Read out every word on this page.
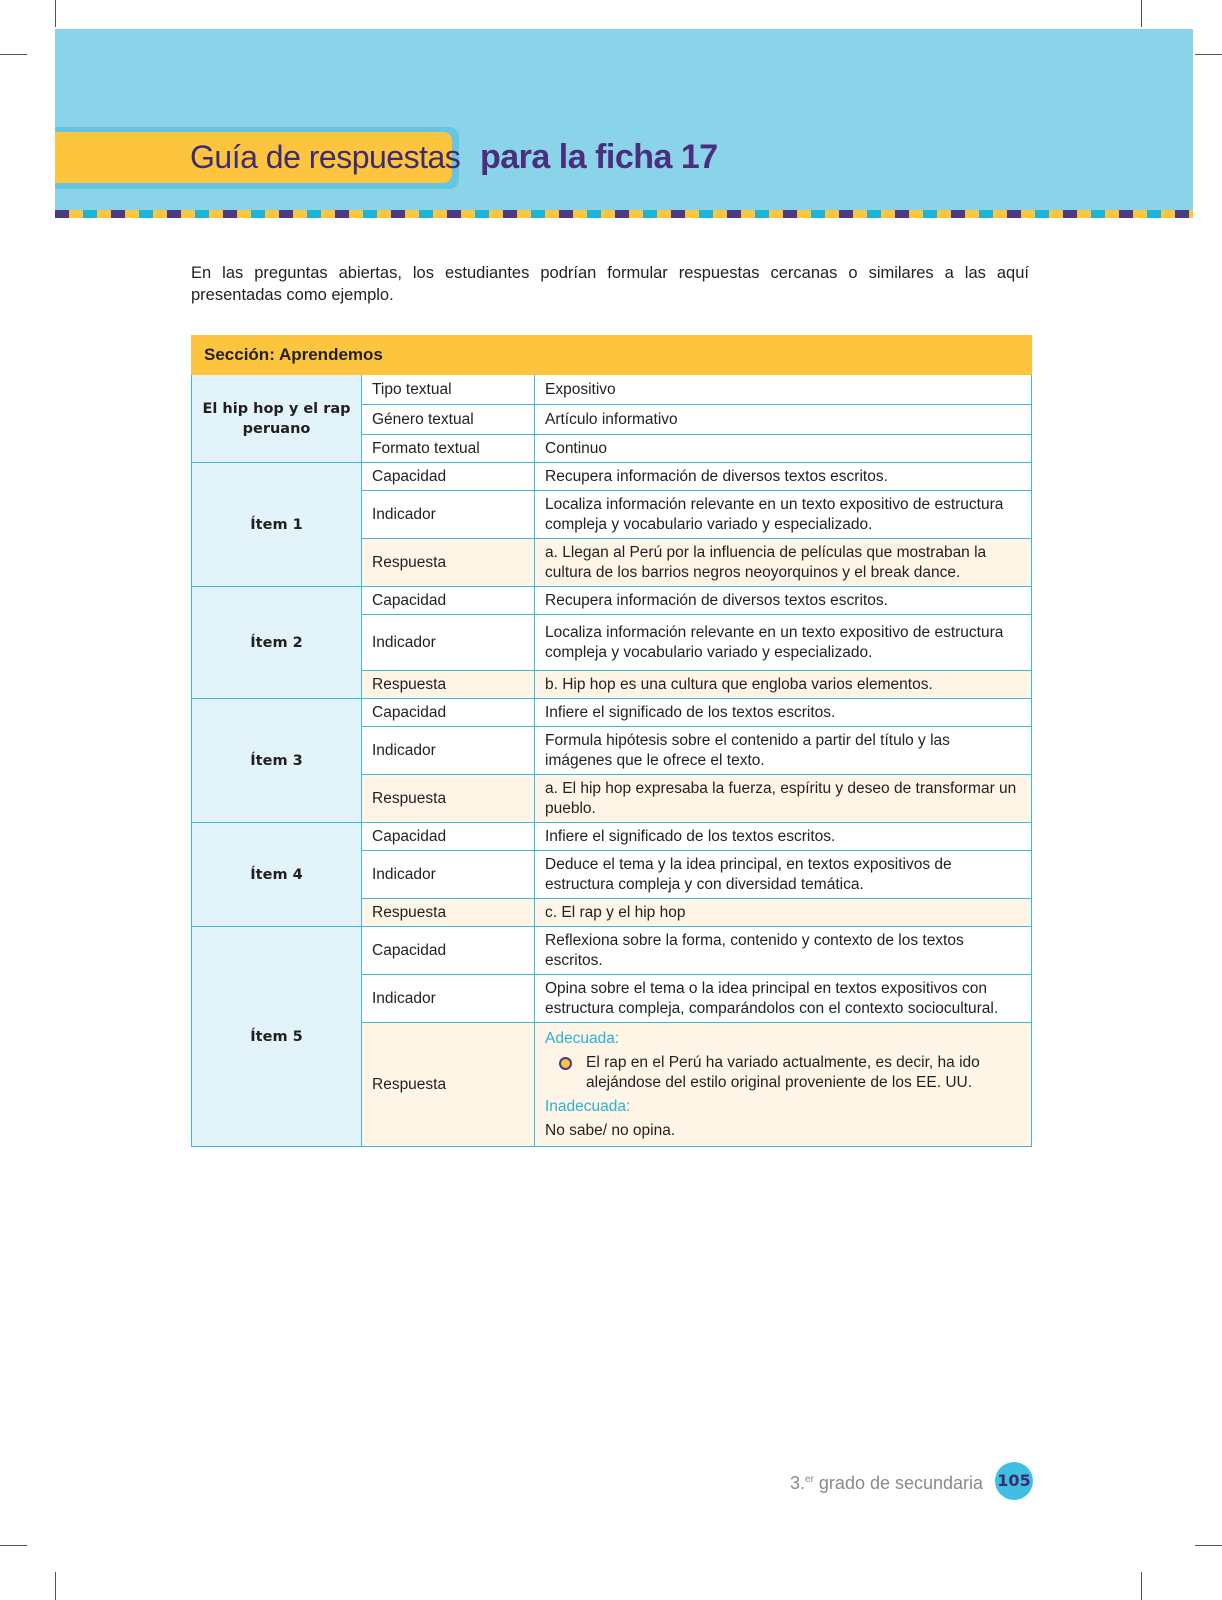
Guía de respuestas para la ficha 17
En las preguntas abiertas, los estudiantes podrían formular respuestas cercanas o similares a las aquí presentadas como ejemplo.
Sección: Aprendemos		
El hip hop y el rap peruano	Tipo textual	Expositivo
	Género textual	Artículo informativo
	Formato textual	Continuo
Ítem 1	Capacidad	Recupera información de diversos textos escritos.
	Indicador	Localiza información relevante en un texto expositivo de estructura compleja y vocabulario variado y especializado.
	Respuesta	a. Llegan al Perú por la influencia de películas que mostraban la cultura de los barrios negros neoyorquinos y el break dance.
Ítem 2	Capacidad	Recupera información de diversos textos escritos.
	Indicador	Localiza información relevante en un texto expositivo de estructura compleja y vocabulario variado y especializado.
	Respuesta	b. Hip hop es una cultura que engloba varios elementos.
Ítem 3	Capacidad	Infiere el significado de los textos escritos.
	Indicador	Formula hipótesis sobre el contenido a partir del título y las imágenes que le ofrece el texto.
	Respuesta	a. El hip hop expresaba la fuerza, espíritu y deseo de transformar un pueblo.
Ítem 4	Capacidad	Infiere el significado de los textos escritos.
	Indicador	Deduce el tema y la idea principal, en textos expositivos de estructura compleja y con diversidad temática.
	Respuesta	c. El rap y el hip hop
Ítem 5	Capacidad	Reflexiona sobre la forma, contenido y contexto de los textos escritos.
	Indicador	Opina sobre el tema o la idea principal en textos expositivos con estructura compleja, comparándolos con el contexto sociocultural.
	Respuesta	Adecuada:
El rap en el Perú ha variado actualmente, es decir, ha ido alejándose del estilo original proveniente de los EE. UU.
Inadecuada:
No sabe/ no opina.
3.$^{er}$ grado de secundaria 105
